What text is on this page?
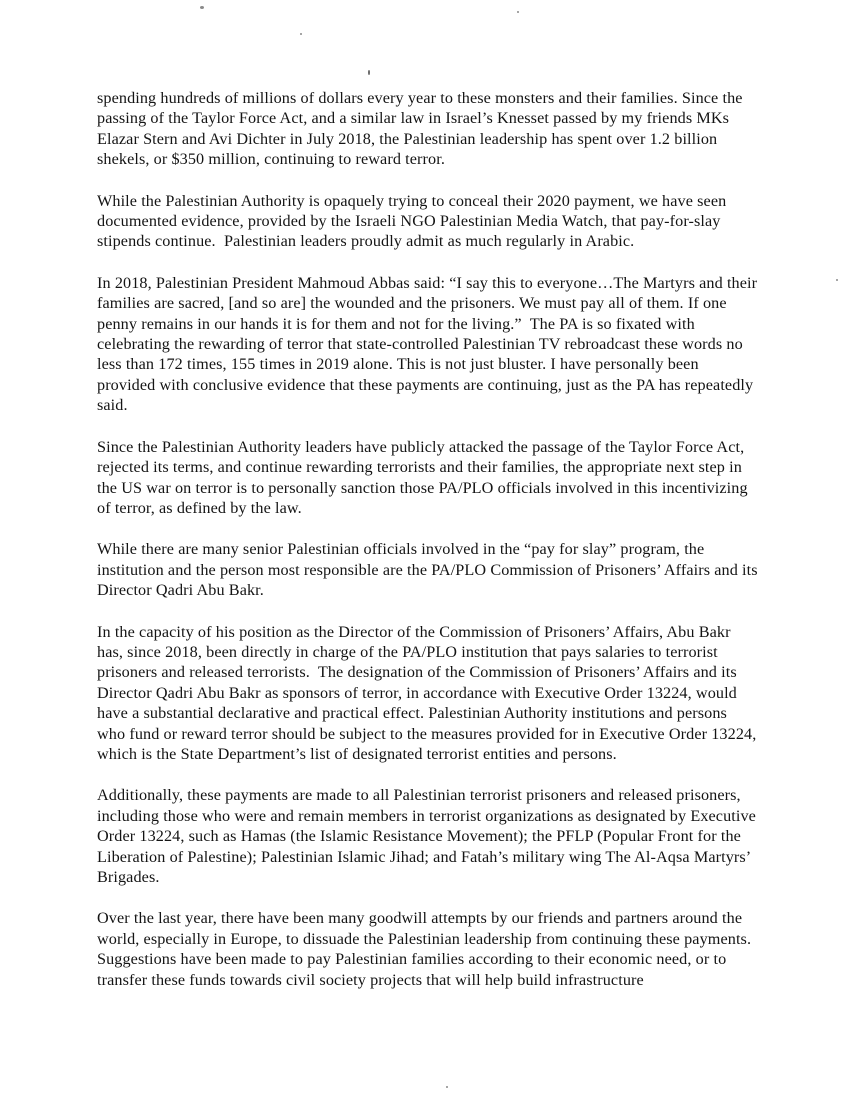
spending hundreds of millions of dollars every year to these monsters and their families. Since the passing of the Taylor Force Act, and a similar law in Israel’s Knesset passed by my friends MKs Elazar Stern and Avi Dichter in July 2018, the Palestinian leadership has spent over 1.2 billion shekels, or $350 million, continuing to reward terror.

While the Palestinian Authority is opaquely trying to conceal their 2020 payment, we have seen documented evidence, provided by the Israeli NGO Palestinian Media Watch, that pay-for-slay stipends continue.  Palestinian leaders proudly admit as much regularly in Arabic.

In 2018, Palestinian President Mahmoud Abbas said: “I say this to everyone…The Martyrs and their families are sacred, [and so are] the wounded and the prisoners. We must pay all of them. If one penny remains in our hands it is for them and not for the living.”  The PA is so fixated with celebrating the rewarding of terror that state-controlled Palestinian TV rebroadcast these words no less than 172 times, 155 times in 2019 alone. This is not just bluster. I have personally been provided with conclusive evidence that these payments are continuing, just as the PA has repeatedly said.

Since the Palestinian Authority leaders have publicly attacked the passage of the Taylor Force Act, rejected its terms, and continue rewarding terrorists and their families, the appropriate next step in the US war on terror is to personally sanction those PA/PLO officials involved in this incentivizing of terror, as defined by the law.

While there are many senior Palestinian officials involved in the “pay for slay” program, the institution and the person most responsible are the PA/PLO Commission of Prisoners’ Affairs and its Director Qadri Abu Bakr.

In the capacity of his position as the Director of the Commission of Prisoners’ Affairs, Abu Bakr has, since 2018, been directly in charge of the PA/PLO institution that pays salaries to terrorist prisoners and released terrorists.  The designation of the Commission of Prisoners’ Affairs and its Director Qadri Abu Bakr as sponsors of terror, in accordance with Executive Order 13224, would have a substantial declarative and practical effect. Palestinian Authority institutions and persons who fund or reward terror should be subject to the measures provided for in Executive Order 13224, which is the State Department’s list of designated terrorist entities and persons.

Additionally, these payments are made to all Palestinian terrorist prisoners and released prisoners, including those who were and remain members in terrorist organizations as designated by Executive Order 13224, such as Hamas (the Islamic Resistance Movement); the PFLP (Popular Front for the Liberation of Palestine); Palestinian Islamic Jihad; and Fatah’s military wing The Al-Aqsa Martyrs’ Brigades.

Over the last year, there have been many goodwill attempts by our friends and partners around the world, especially in Europe, to dissuade the Palestinian leadership from continuing these payments. Suggestions have been made to pay Palestinian families according to their economic need, or to transfer these funds towards civil society projects that will help build infrastructure
